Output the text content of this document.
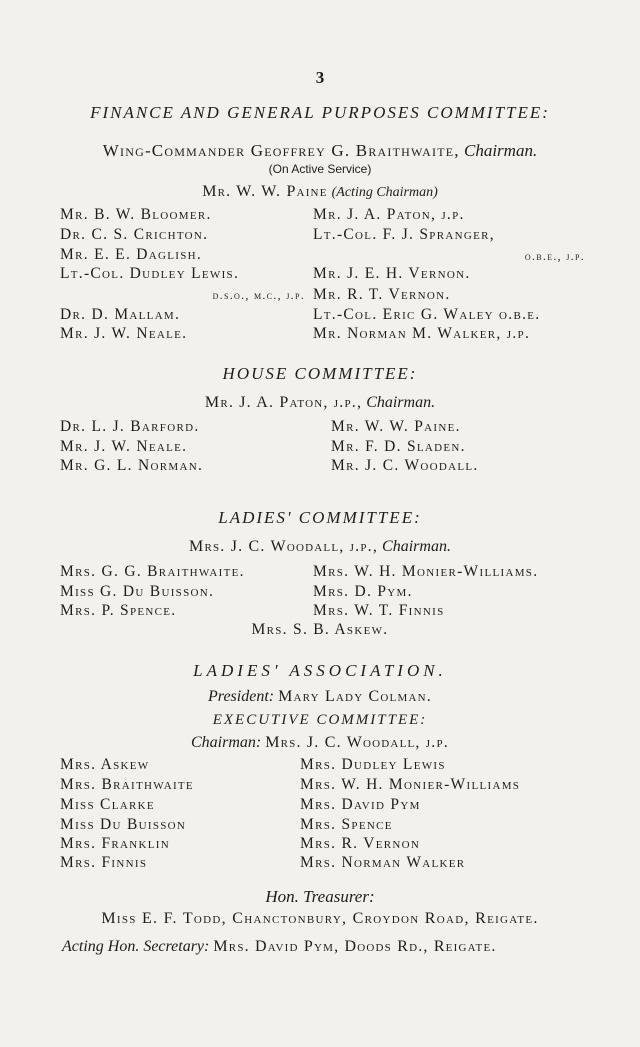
3
FINANCE AND GENERAL PURPOSES COMMITTEE:
Wing-Commander Geoffrey G. Braithwaite, Chairman.
(On Active Service)
Mr. W. W. Paine (Acting Chairman)
Mr. B. W. Bloomer.
Dr. C. S. Crichton.
Mr. E. E. Daglish.
Lt.-Col. Dudley Lewis.
d.s.o., m.c., j.p.
Dr. D. Mallam.
Mr. J. W. Neale.
Mr. J. A. Paton, j.p.
Lt.-Col. F. J. Spranger,
o.b.e., j.p.
Mr. J. E. H. Vernon.
Mr. R. T. Vernon.
Lt.-Col. Eric G. Waley o.b.e.
Mr. Norman M. Walker, j.p.
HOUSE COMMITTEE:
Mr. J. A. Paton, j.p., Chairman.
Dr. L. J. Barford.
Mr. J. W. Neale.
Mr. G. L. Norman.
Mr. W. W. Paine.
Mr. F. D. Sladen.
Mr. J. C. Woodall.
LADIES' COMMITTEE:
Mrs. J. C. Woodall, j.p., Chairman.
Mrs. G. G. Braithwaite.
Miss G. Du Buisson.
Mrs. P. Spence.
Mrs. W. H. Monier-Williams.
Mrs. D. Pym.
Mrs. W. T. Finnis
Mrs. S. B. Askew.
LADIES' ASSOCIATION.
President: Mary Lady Colman.
EXECUTIVE COMMITTEE:
Chairman: Mrs. J. C. Woodall, j.p.
Mrs. Askew
Mrs. Braithwaite
Miss Clarke
Miss Du Buisson
Mrs. Franklin
Mrs. Finnis
Mrs. Dudley Lewis
Mrs. W. H. Monier-Williams
Mrs. David Pym
Mrs. Spence
Mrs. R. Vernon
Mrs. Norman Walker
Hon. Treasurer:
Miss E. F. Todd, Chanctonbury, Croydon Road, Reigate.
Acting Hon. Secretary: Mrs. David Pym, Doods Rd., Reigate.
